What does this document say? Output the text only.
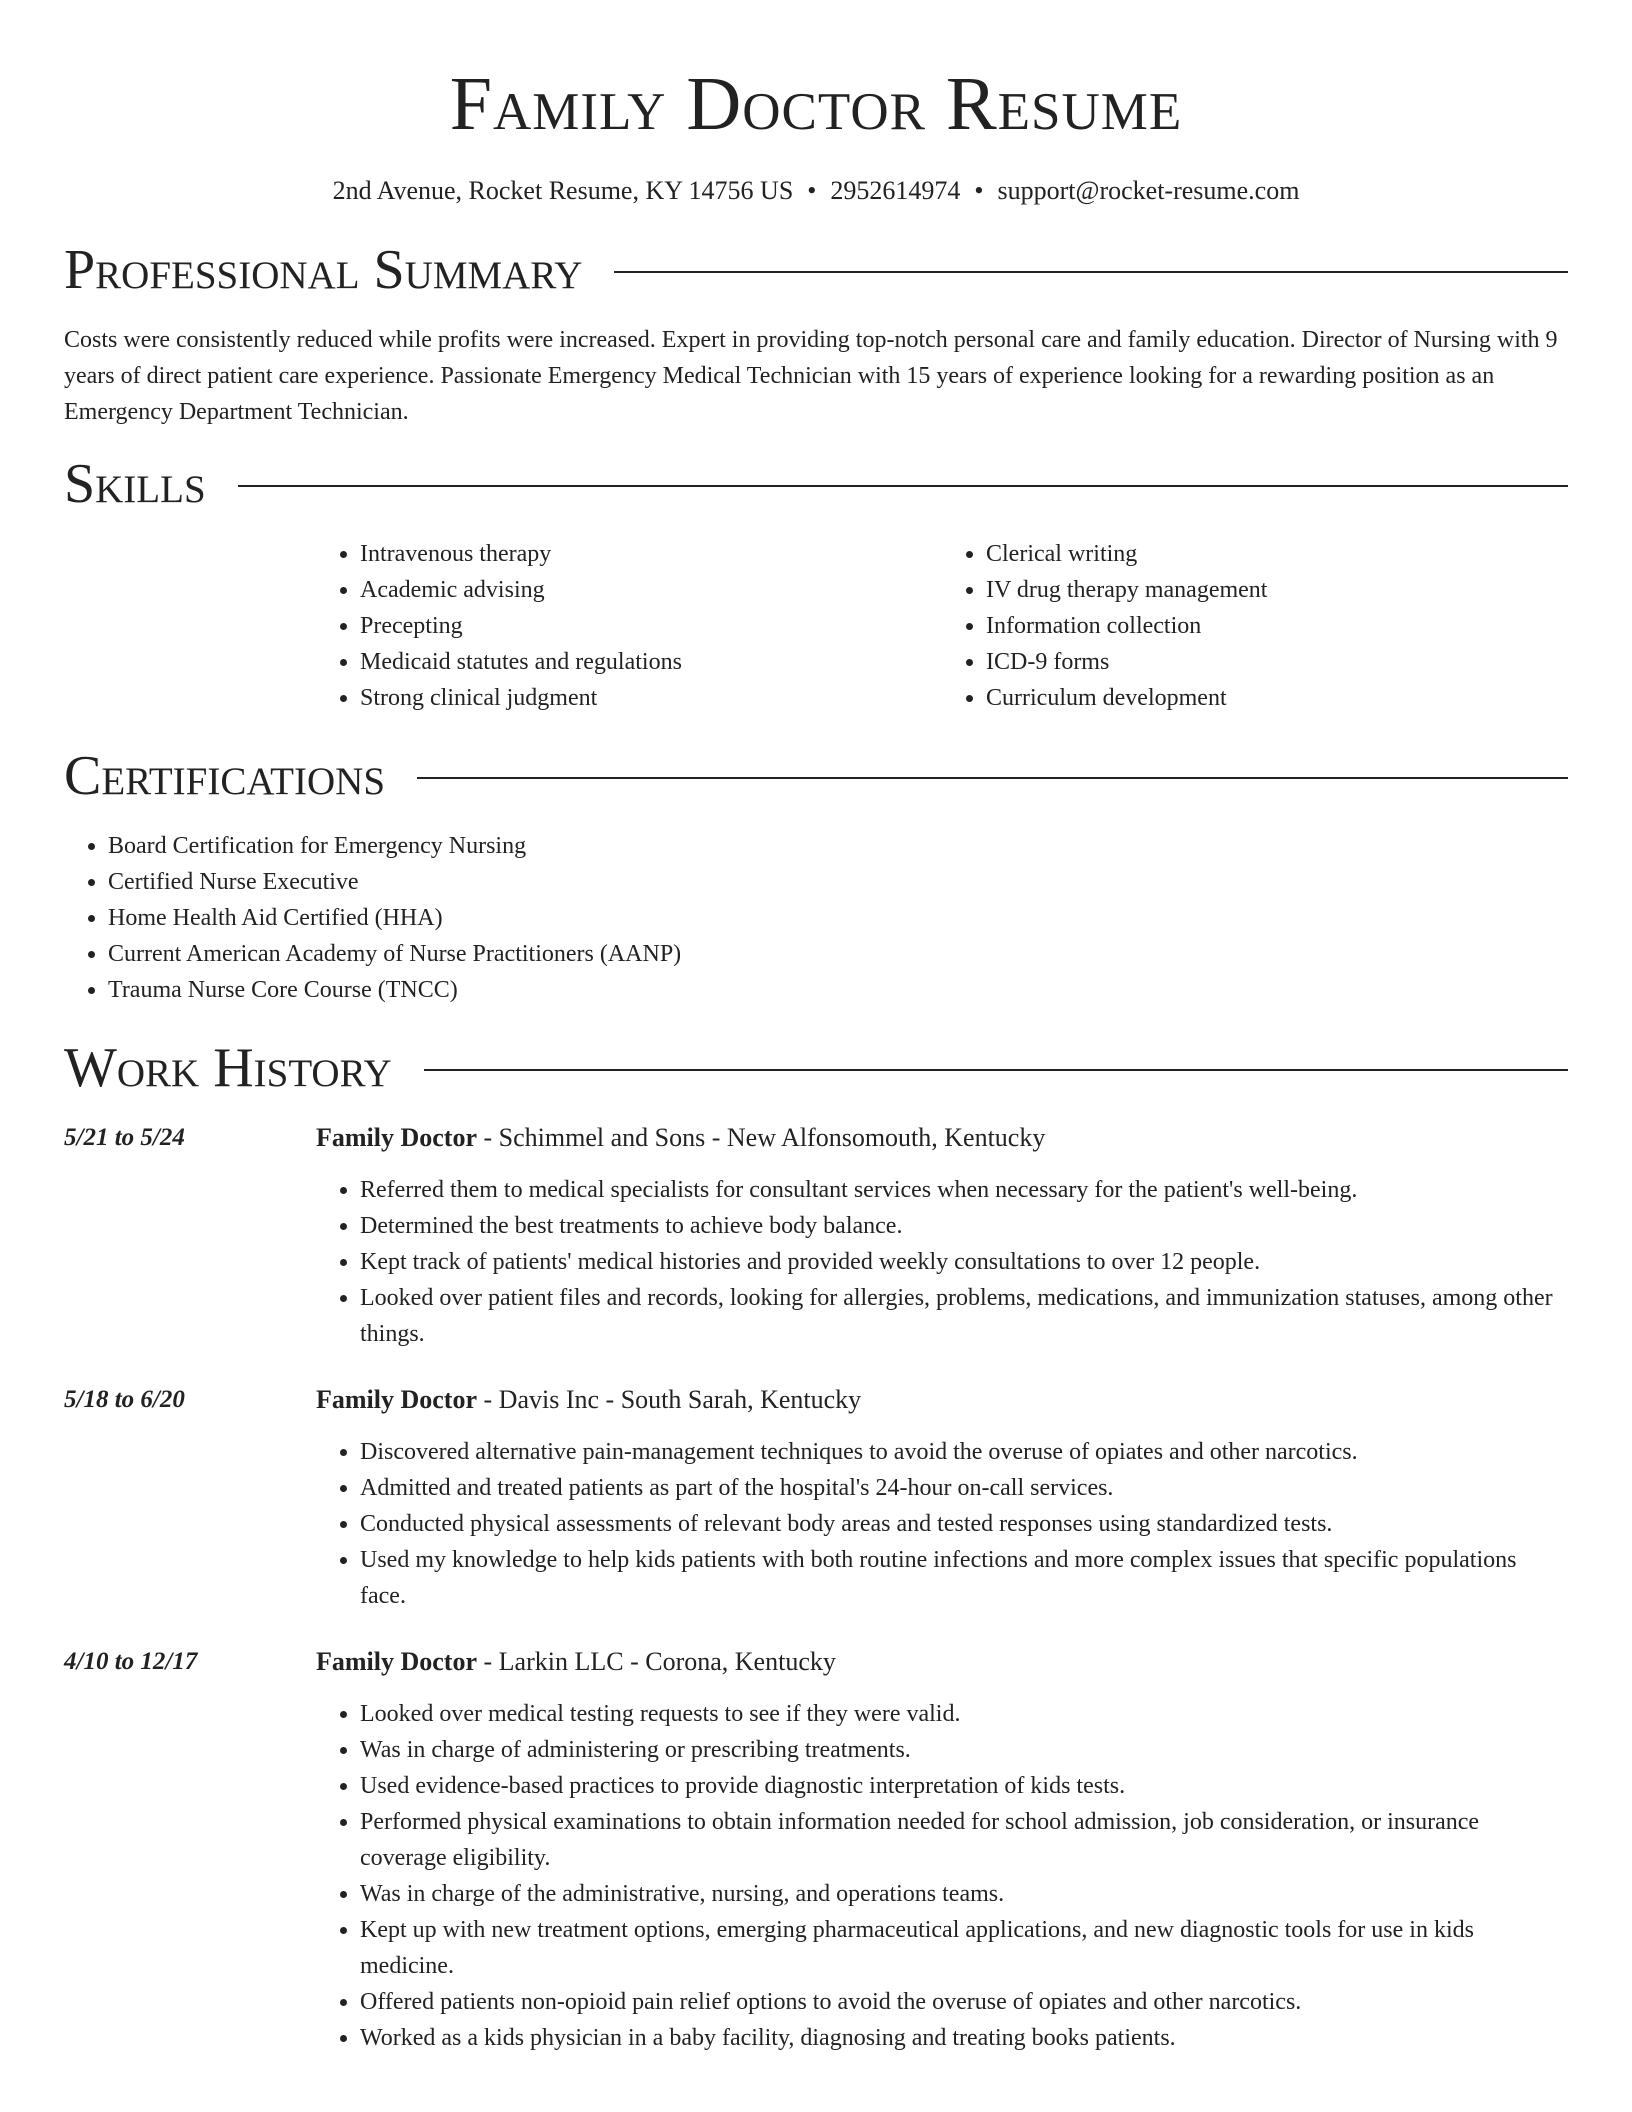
Family Doctor Resume
2nd Avenue, Rocket Resume, KY 14756 US • 2952614974 • support@rocket-resume.com
Professional Summary

Costs were consistently reduced while profits were increased. Expert in providing top-notch personal care and family education. Director of Nursing with 9 years of direct patient care experience. Passionate Emergency Medical Technician with 15 years of experience looking for a rewarding position as an Emergency Department Technician.

Skills
• Intravenous therapy
• Academic advising
• Precepting
• Medicaid statutes and regulations
• Strong clinical judgment
• Clerical writing
• IV drug therapy management
• Information collection
• ICD-9 forms
• Curriculum development
Certifications
• Board Certification for Emergency Nursing
• Certified Nurse Executive
• Home Health Aid Certified (HHA)
• Current American Academy of Nurse Practitioners (AANP)
• Trauma Nurse Core Course (TNCC)
Work History
5/21 to 5/24	Family Doctor - Schimmel and Sons - New Alfonsomouth, Kentucky
• Referred them to medical specialists for consultant services when necessary for the patient's well-being.
• Determined the best treatments to achieve body balance.
• Kept track of patients' medical histories and provided weekly consultations to over 12 people.
• Looked over patient files and records, looking for allergies, problems, medications, and immunization statuses, among other things.
5/18 to 6/20	Family Doctor - Davis Inc - South Sarah, Kentucky
• Discovered alternative pain-management techniques to avoid the overuse of opiates and other narcotics.
• Admitted and treated patients as part of the hospital's 24-hour on-call services.
• Conducted physical assessments of relevant body areas and tested responses using standardized tests.
• Used my knowledge to help kids patients with both routine infections and more complex issues that specific populations face.
4/10 to 12/17	Family Doctor - Larkin LLC - Corona, Kentucky
• Looked over medical testing requests to see if they were valid.
• Was in charge of administering or prescribing treatments.
• Used evidence-based practices to provide diagnostic interpretation of kids tests.
• Performed physical examinations to obtain information needed for school admission, job consideration, or insurance coverage eligibility.
• Was in charge of the administrative, nursing, and operations teams.
• Kept up with new treatment options, emerging pharmaceutical applications, and new diagnostic tools for use in kids medicine.
• Offered patients non-opioid pain relief options to avoid the overuse of opiates and other narcotics.
• Worked as a kids physician in a baby facility, diagnosing and treating books patients.
